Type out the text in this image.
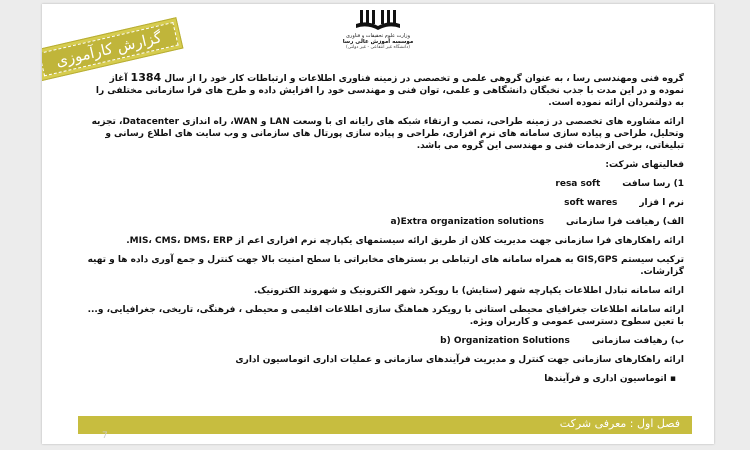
وزارت علوم تحقیقات و فناوری
موسسه آموزش عالی رسا
(دانشگاه غیر انتفاعی - غیر دولتی)
گزارش کارآموزی

گروه فنی ومهندسی رسا ، به عنوان گروهی علمی و تخصصی در زمینه فناوری اطلاعات و ارتباطات کار خود را از سال 1384 آغاز نموده و در این مدت با جذب نخبگان دانشگاهی و علمی، توان فنی و مهندسی خود را افزایش داده و طرح های فرا سازمانی مختلفی را به دولتمردان ارائه نموده است.

ارائه مشاوره های تخصصی در زمینه طراحی، نصب و ارتقاء شبکه های رایانه ای با وسعت LAN و WAN، راه اندازی Datacenter، تجزیه وتحلیل، طراحی و پیاده سازی سامانه های نرم افزاری، طراحی و پیاده سازی پورتال های سازمانی و وب سایت های اطلاع رسانی و تبلیغاتی، برخی ازخدمات فنی و مهندسی این گروه می باشد.

فعالیتهای شرکت:

1) رسا سافت
resa soft
نرم ا فزار
soft wares
الف) رهیافت فرا سازمانی
a)Extra organization solutions

ارائه راهکارهای فرا سازمانی جهت مدیریت کلان از طریق ارائه سیستمهای یکپارچه نرم افزاری اعم از MIS، CMS، DMS، ERP.

ترکیب سیستم GIS,GPS به همراه سامانه های ارتباطی بر بسترهای مخابراتی با سطح امنیت بالا جهت کنترل و جمع آوری داده ها و تهیه گزارشات.

ارائه سامانه تبادل اطلاعات یکپارچه شهر (ستایش) با رویکرد شهر الکترونیک و شهروند الکترونیک.

ارائه سامانه اطلاعات جغرافیای محیطی استانی با رویکرد هماهنگ سازی اطلاعات اقلیمی و محیطی ، فرهنگی، تاریخی، جغرافیایی، و... با تعین سطوح دسترسی عمومی و کاربران ویژه.

ب) رهیافت سازمانی
b) Organization Solutions

ارائه راهکارهای سازمانی جهت کنترل و مدیریت فرآیندهای سازمانی و عملیات اداری اتوماسیون اداری

▪ اتوماسیون اداری و فرآیندها

فصل اول : معرفی شرکت
7
